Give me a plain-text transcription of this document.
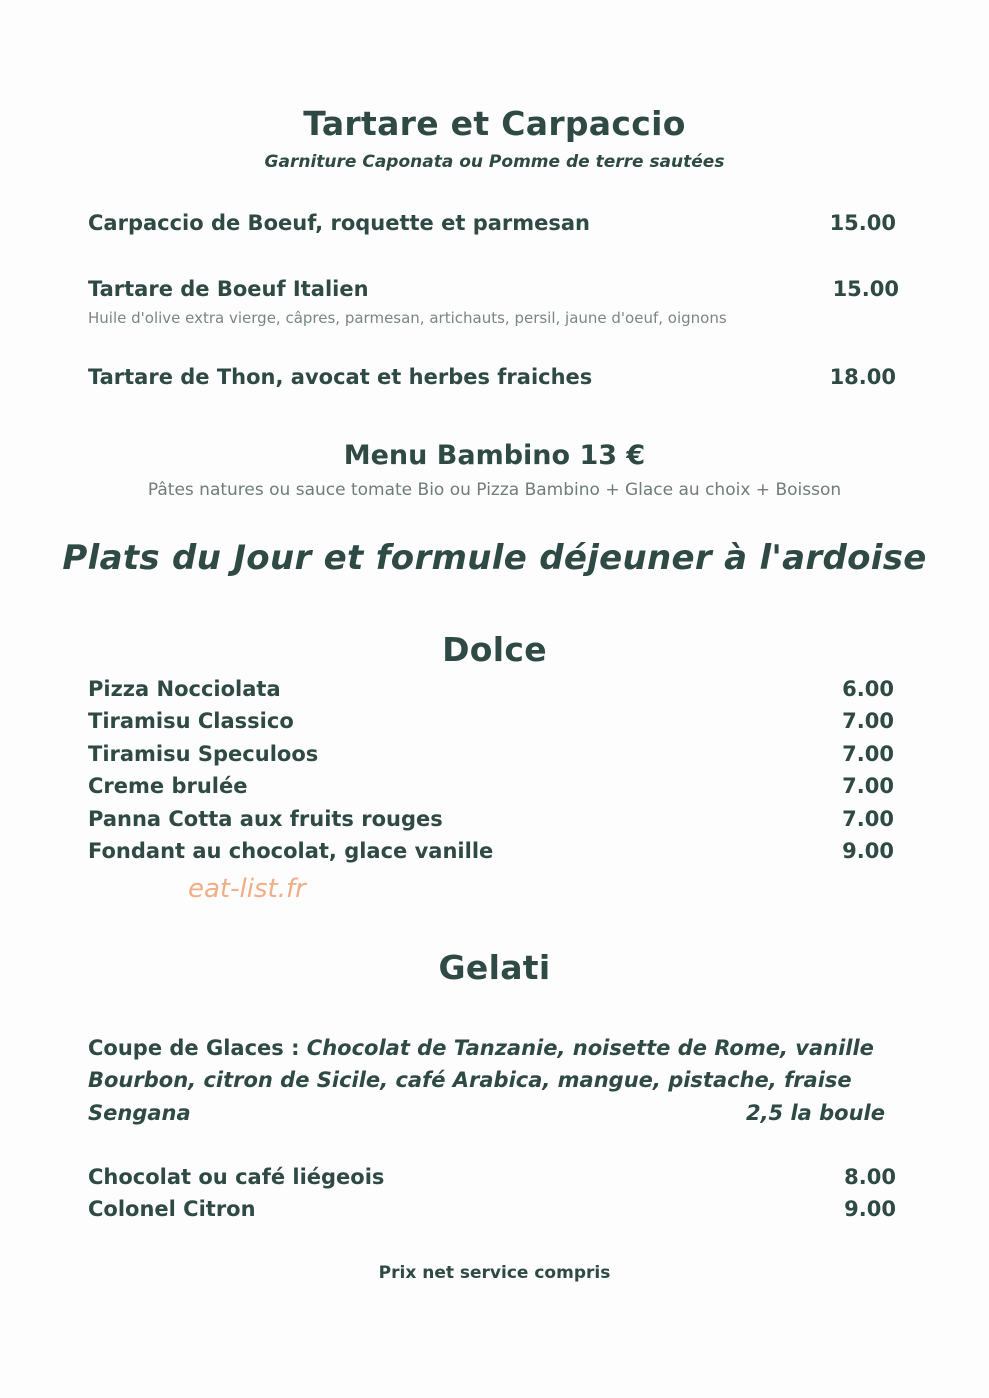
Tartare et Carpaccio
Garniture Caponata ou Pomme de terre sautées
Carpaccio de Boeuf, roquette et parmesan	15.00
Tartare de Boeuf Italien	15.00
Huile d'olive extra vierge, câpres, parmesan, artichauts, persil, jaune d'oeuf, oignons
Tartare de Thon, avocat et herbes fraiches	18.00
Menu Bambino 13 €
Pâtes natures ou sauce tomate Bio ou Pizza Bambino + Glace au choix + Boisson
Plats du Jour et formule déjeuner à l'ardoise
Dolce
Pizza Nocciolata	6.00
Tiramisu Classico	7.00
Tiramisu Speculoos	7.00
Creme brulée	7.00
Panna Cotta aux fruits rouges	7.00
Fondant au chocolat, glace vanille	9.00
eat-list.fr
Gelati
Coupe de Glaces : Chocolat de Tanzanie, noisette de Rome, vanille
Bourbon, citron de Sicile, café Arabica, mangue, pistache, fraise
Sengana	2,5 la boule
Chocolat ou café liégeois	8.00
Colonel Citron	9.00
Prix net service compris
